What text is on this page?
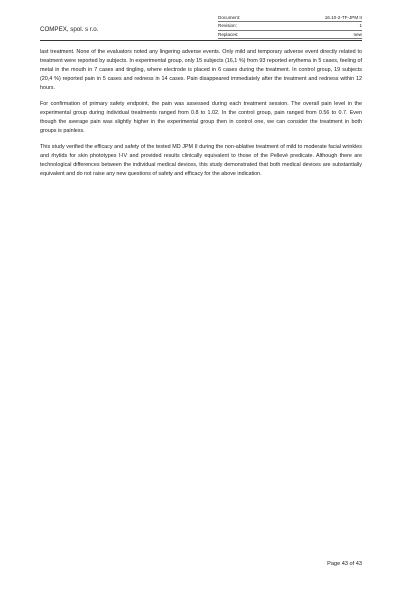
COMPEX, spol. s r.o.
Document:	16.10-2-TF-JPM II
Revision:	1
Replaces:	new

last treatment. None of the evaluators noted any lingering adverse events. Only mild and temporary adverse event directly related to treatment were reported by subjects. In experimental group, only 15 subjects (16,1 %) from 93 reported erythema in 5 cases, feeling of metal in the mouth in 7 cases and tingling, where electrode is placed in 6 cases during the treatment. In control group, 19 subjects (20,4 %) reported pain in 5 cases and redness in 14 cases. Pain disappeared immediately after the treatment and redness within 12 hours.

For confirmation of primary safety endpoint, the pain was assessed during each treatment session. The overall pain level in the experimental group during individual treatments ranged from 0.8 to 1.02. In the control group, pain ranged from 0.56 to 0.7. Even though the average pain was slightly higher in the experimental group then in control one, we can consider the treatment in both groups is painless.

This study verified the efficacy and safety of the tested MD JPM II during the non-ablative treatment of mild to moderate facial wrinkles and rhytids for skin phototypes I-IV and provided results clinically equivalent to those of the Pellevé predicate. Although there are technological differences between the individual medical devices, this study demonstrated that both medical devices are substantially equivalent and do not raise any new questions of safety and efficacy for the above indication.

Page 43 of 43
